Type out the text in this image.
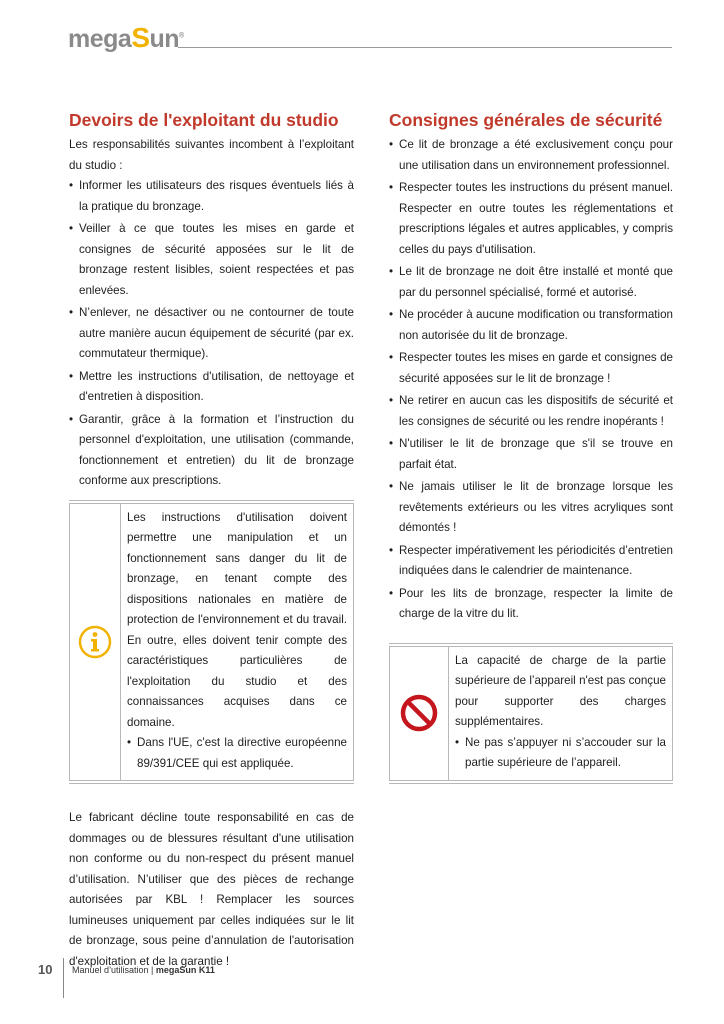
megaSun®
Devoirs de l'exploitant du studio

Les responsabilités suivantes incombent à l’exploitant du studio :

• Informer les utilisateurs des risques éventuels liés à la pratique du bronzage.
• Veiller à ce que toutes les mises en garde et consignes de sécurité apposées sur le lit de bronzage restent lisibles, soient respectées et pas enlevées.
• N’enlever, ne désactiver ou ne contourner de toute autre manière aucun équipement de sécurité (par ex. commutateur thermique).
• Mettre les instructions d'utilisation, de nettoyage et d'entretien à disposition.
• Garantir, grâce à la formation et l’instruction du personnel d'exploitation, une utilisation (commande, fonctionnement et entretien) du lit de bronzage conforme aux prescriptions.

Les instructions d'utilisation doivent permettre une manipulation et un fonctionnement sans danger du lit de bronzage, en tenant compte des dispositions nationales en matière de protection de l'environnement et du travail. En outre, elles doivent tenir compte des caractéristiques particulières de l'exploitation du studio et des connaissances acquises dans ce domaine.

• Dans l'UE, c'est la directive européenne 89/391/CEE qui est appliquée.

Le fabricant décline toute responsabilité en cas de dommages ou de blessures résultant d'une utilisation non conforme ou du non-respect du présent manuel d’utilisation. N’utiliser que des pièces de rechange autorisées par KBL ! Remplacer les sources lumineuses uniquement par celles indiquées sur le lit de bronzage, sous peine d’annulation de l'autorisation d'exploitation et de la garantie !

Consignes générales de sécurité
• Ce lit de bronzage a été exclusivement conçu pour une utilisation dans un environnement professionnel.
• Respecter toutes les instructions du présent manuel. Respecter en outre toutes les réglementations et prescriptions légales et autres applicables, y compris celles du pays d'utilisation.
• Le lit de bronzage ne doit être installé et monté que par du personnel spécialisé, formé et autorisé.
• Ne procéder à aucune modification ou transformation non autorisée du lit de bronzage.
• Respecter toutes les mises en garde et consignes de sécurité apposées sur le lit de bronzage !
• Ne retirer en aucun cas les dispositifs de sécurité et les consignes de sécurité ou les rendre inopérants !
• N'utiliser le lit de bronzage que s'il se trouve en parfait état.
• Ne jamais utiliser le lit de bronzage lorsque les revêtements extérieurs ou les vitres acryliques sont démontés !
• Respecter impérativement les périodicités d’entretien indiquées dans le calendrier de maintenance.
• Pour les lits de bronzage, respecter la limite de charge de la vitre du lit.

La capacité de charge de la partie supérieure de l’appareil n'est pas conçue pour supporter des charges supplémentaires.

• Ne pas s’appuyer ni s’accouder sur la partie supérieure de l’appareil.
10 Manuel d’utilisation | megaSun K11
